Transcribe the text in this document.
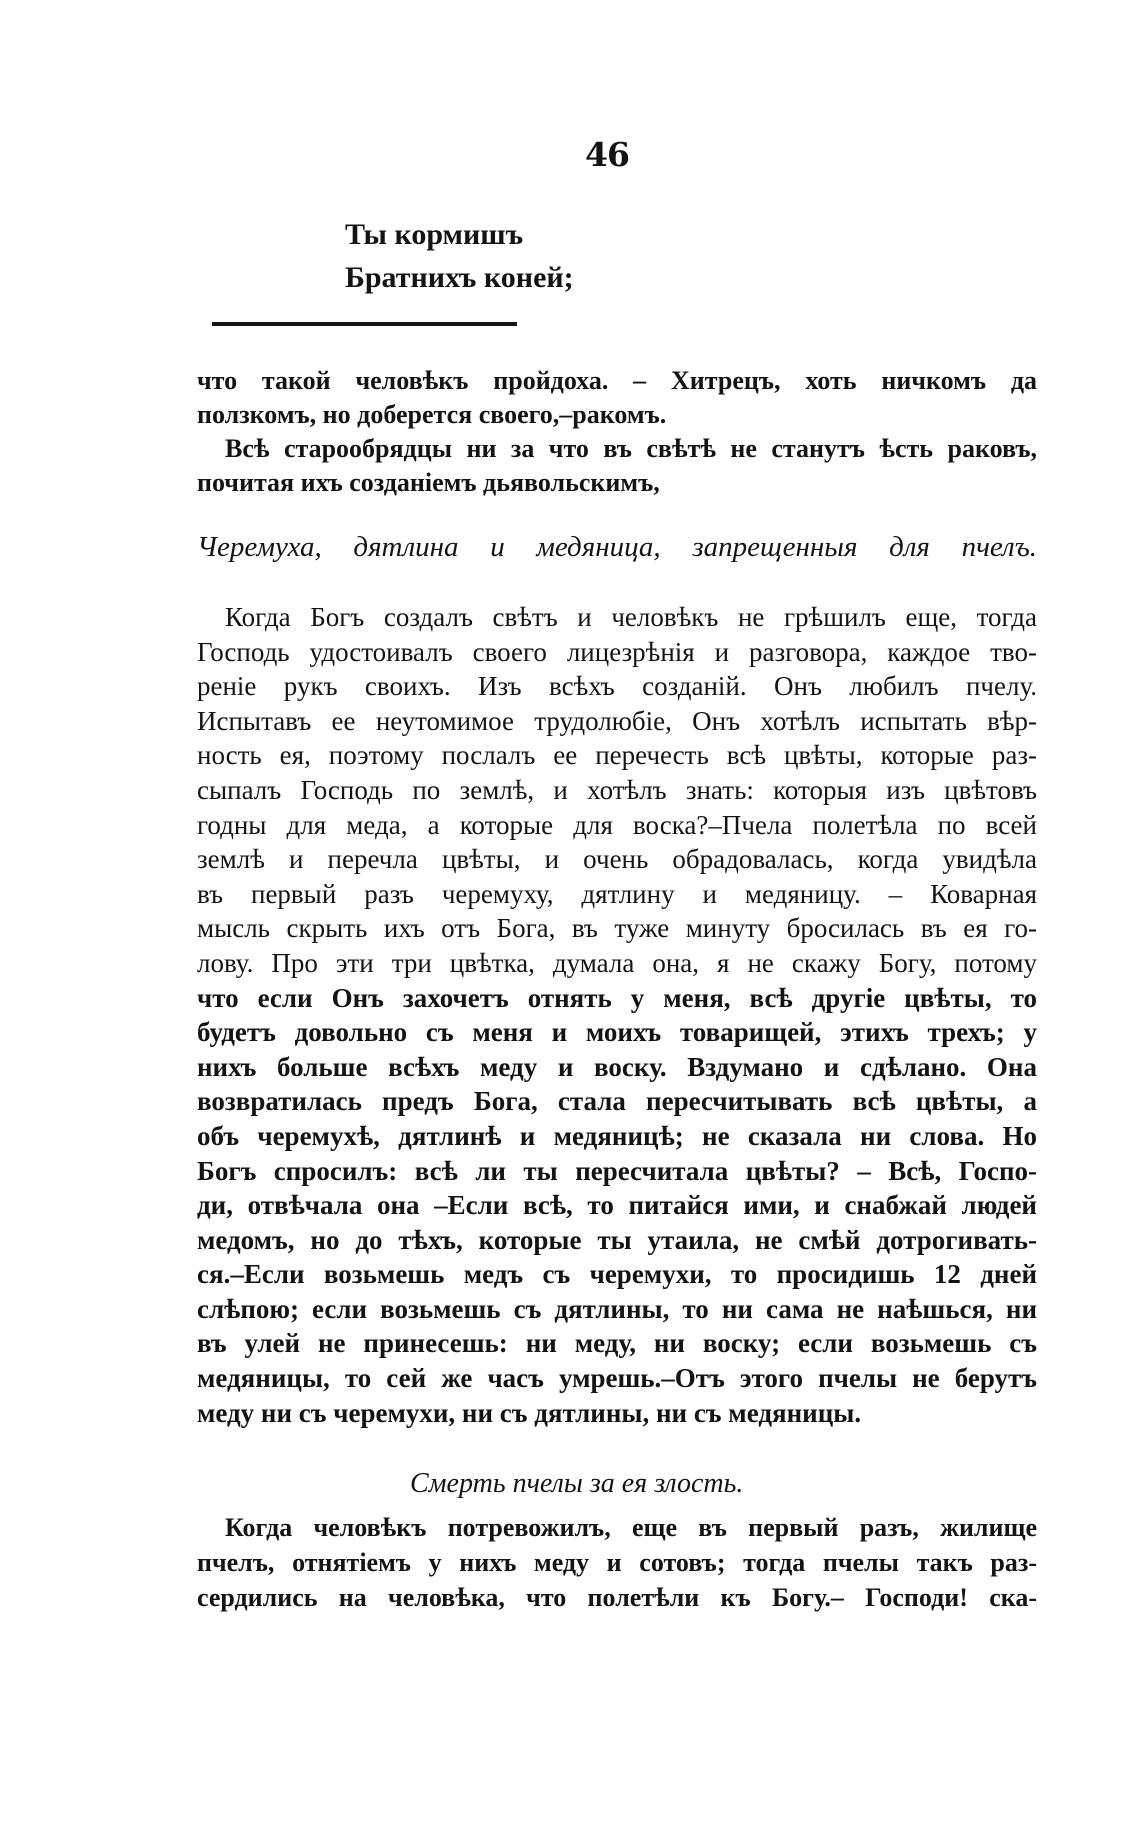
46
Ты кормишъ
Братнихъ коней;
что такой человѣкъ пройдоха. – Хитрецъ, хоть ничкомъ да
ползкомъ, но доберется своего,–ракомъ.
Всѣ старообрядцы ни за что въ свѣтѣ не станутъ ѣсть раковъ,
почитая ихъ созданіемъ дьявольскимъ,
Черемуха, дятлина и медяница, запрещенныя для пчелъ.
Когда Богъ создалъ свѣтъ и человѣкъ не грѣшилъ еще, тогда
Господь удостоивалъ своего лицезрѣнія и разговора, каждое тво-
реніе рукъ своихъ. Изъ всѣхъ созданій. Онъ любилъ пчелу.
Испытавъ ее неутомимое трудолюбіе, Онъ хотѣлъ испытать вѣр-
ность ея, поэтому послалъ ее перечесть всѣ цвѣты, которые раз-
сыпалъ Господь по землѣ, и хотѣлъ знать: которыя изъ цвѣтовъ
годны для меда, а которые для воска?–Пчела полетѣла по всей
землѣ и перечла цвѣты, и очень обрадовалась, когда увидѣла
въ первый разъ черемуху, дятлину и медяницу. – Коварная
мысль скрыть ихъ отъ Бога, въ туже минуту бросилась въ ея го-
лову. Про эти три цвѣтка, думала она, я не скажу Богу, потому
что если Онъ захочетъ отнять у меня, всѣ другіе цвѣты, то
будетъ довольно съ меня и моихъ товарищей, этихъ трехъ; у
нихъ больше всѣхъ меду и воску. Вздумано и сдѣлано. Она
возвратилась предъ Бога, стала пересчитывать всѣ цвѣты, а
объ черемухѣ, дятлинѣ и медяницѣ; не сказала ни слова. Но
Богъ спросилъ: всѣ ли ты пересчитала цвѣты? – Всѣ, Госпо-
ди, отвѣчала она –Если всѣ, то питайся ими, и снабжай людей
медомъ, но до тѣхъ, которые ты утаила, не смѣй дотрогивать-
ся.–Если возьмешь медъ съ черемухи, то просидишь 12 дней
слѣпою; если возьмешь съ дятлины, то ни сама не наѣшься, ни
въ улей не принесешь: ни меду, ни воску; если возьмешь съ
медяницы, то сей же часъ умрешь.–Отъ этого пчелы не берутъ
меду ни съ черемухи, ни съ дятлины, ни съ медяницы.
Смерть пчелы за ея злость.
Когда человѣкъ потревожилъ, еще въ первый разъ, жилище
пчелъ, отнятіемъ у нихъ меду и сотовъ; тогда пчелы такъ раз-
сердились на человѣка, что полетѣли къ Богу.– Господи! ска-
